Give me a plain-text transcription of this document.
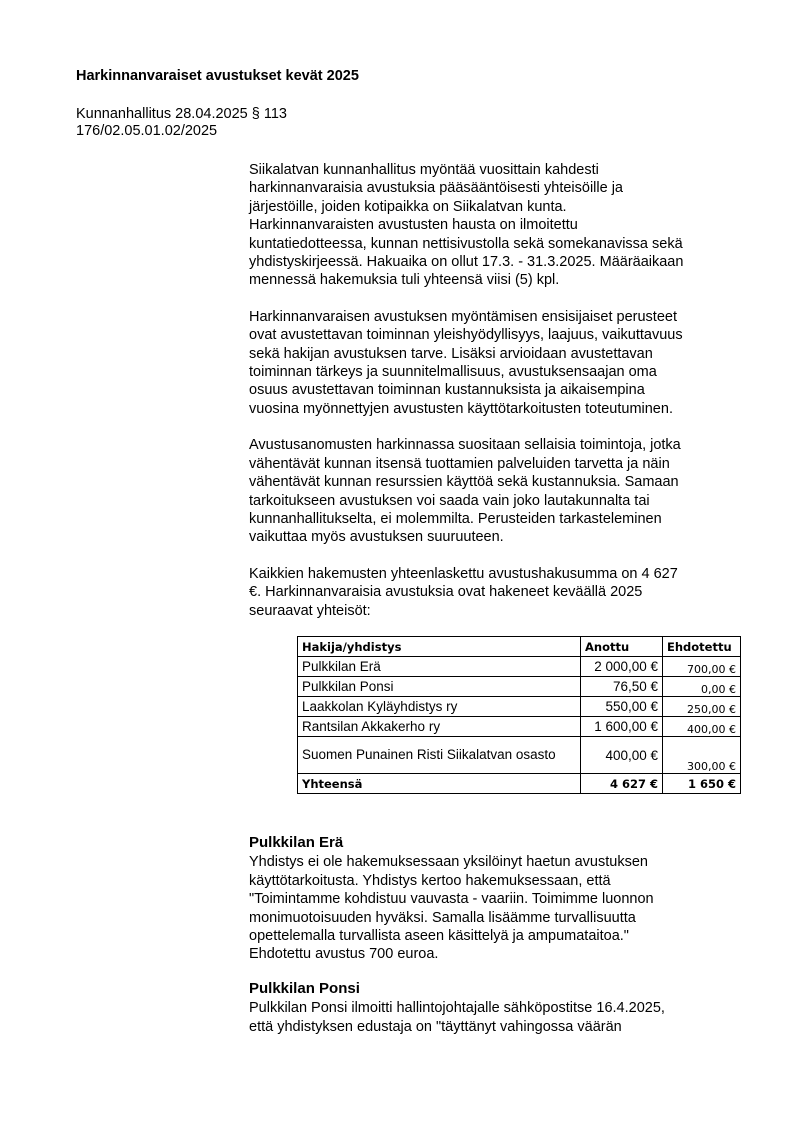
Harkinnanvaraiset avustukset kevät 2025
Kunnanhallitus 28.04.2025 § 113
176/02.05.01.02/2025

Siikalatvan kunnanhallitus myöntää vuosittain kahdesti
harkinnanvaraisia avustuksia pääsääntöisesti yhteisöille ja
järjestöille, joiden kotipaikka on Siikalatvan kunta.
Harkinnanvaraisten avustusten hausta on ilmoitettu
kuntatiedotteessa, kunnan nettisivustolla sekä somekanavissa sekä
yhdistyskirjeessä. Hakuaika on ollut 17.3. - 31.3.2025. Määräaikaan
mennessä hakemuksia tuli yhteensä viisi (5) kpl.

Harkinnanvaraisen avustuksen myöntämisen ensisijaiset perusteet
ovat avustettavan toiminnan yleishyödyllisyys, laajuus, vaikuttavuus
sekä hakijan avustuksen tarve. Lisäksi arvioidaan avustettavan
toiminnan tärkeys ja suunnitelmallisuus, avustuksensaajan oma
osuus avustettavan toiminnan kustannuksista ja aikaisempina
vuosina myönnettyjen avustusten käyttötarkoitusten toteutuminen.

Avustusanomusten harkinnassa suositaan sellaisia toimintoja, jotka
vähentävät kunnan itsensä tuottamien palveluiden tarvetta ja näin
vähentävät kunnan resurssien käyttöä sekä kustannuksia. Samaan
tarkoitukseen avustuksen voi saada vain joko lautakunnalta tai
kunnanhallitukselta, ei molemmilta. Perusteiden tarkasteleminen
vaikuttaa myös avustuksen suuruuteen.

Kaikkien hakemusten yhteenlaskettu avustushakusumma on 4 627
€. Harkinnanvaraisia avustuksia ovat hakeneet keväällä 2025
seuraavat yhteisöt:

Hakija/yhdistys	Anottu	Ehdotettu
Pulkkilan Erä	2 000,00 €	700,00 €
Pulkkilan Ponsi	76,50 €	0,00 €
Laakkolan Kyläyhdistys ry	550,00 €	250,00 €
Rantsilan Akkakerho ry	1 600,00 €	400,00 €
Suomen Punainen Risti Siikalatvan osasto	400,00 €	300,00 €
Yhteensä	4 627 €	1 650 €
Pulkkilan Erä
Yhdistys ei ole hakemuksessaan yksilöinyt haetun avustuksen
käyttötarkoitusta. Yhdistys kertoo hakemuksessaan, että
"Toimintamme kohdistuu vauvasta - vaariin. Toimimme luonnon
monimuotoisuuden hyväksi. Samalla lisäämme turvallisuutta
opettelemalla turvallista aseen käsittelyä ja ampumataitoa."
Ehdotettu avustus 700 euroa.
Pulkkilan Ponsi
Pulkkilan Ponsi ilmoitti hallintojohtajalle sähköpostitse 16.4.2025,
että yhdistyksen edustaja on "täyttänyt vahingossa väärän
